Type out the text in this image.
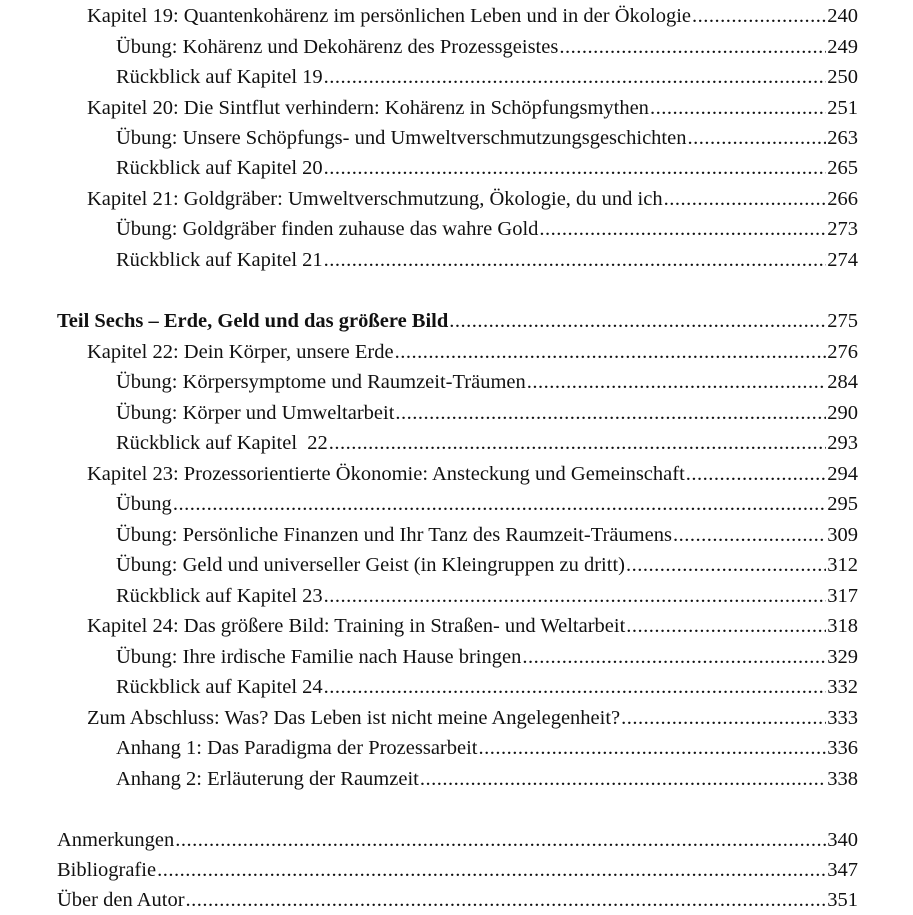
Kapitel 19: Quantenkohärenz im persönlichen Leben und in der Ökologie .....	240
Übung: Kohärenz und Dekohärenz des Prozessgeistes .....	249
Rückblick auf Kapitel 19 .....	250
Kapitel 20: Die Sintflut verhindern: Kohärenz in Schöpfungsmythen .....	251
Übung: Unsere Schöpfungs- und Umweltverschmutzungsgeschichten .....	263
Rückblick auf Kapitel 20 .....	265
Kapitel 21: Goldgräber: Umweltverschmutzung, Ökologie, du und ich .....	266
Übung: Goldgräber finden zuhause das wahre Gold .....	273
Rückblick auf Kapitel 21 .....	274
Teil Sechs – Erde, Geld und das größere Bild .....	275
Kapitel 22: Dein Körper, unsere Erde .....	276
Übung: Körpersymptome und Raumzeit-Träumen .....	284
Übung: Körper und Umweltarbeit .....	290
Rückblick auf Kapitel  22 .....	293
Kapitel 23: Prozessorientierte Ökonomie: Ansteckung und Gemeinschaft .....	294
Übung .....	295
Übung: Persönliche Finanzen und Ihr Tanz des Raumzeit-Träumens .....	309
Übung: Geld und universeller Geist (in Kleingruppen zu dritt) .....	312
Rückblick auf Kapitel 23 .....	317
Kapitel 24: Das größere Bild: Training in Straßen- und Weltarbeit .....	318
Übung: Ihre irdische Familie nach Hause bringen .....	329
Rückblick auf Kapitel 24 .....	332
Zum Abschluss: Was? Das Leben ist nicht meine Angelegenheit? .....	333
Anhang 1: Das Paradigma der Prozessarbeit .....	336
Anhang 2: Erläuterung der Raumzeit .....	338
Anmerkungen .....	340
Bibliografie .....	347
Über den Autor .....	351
